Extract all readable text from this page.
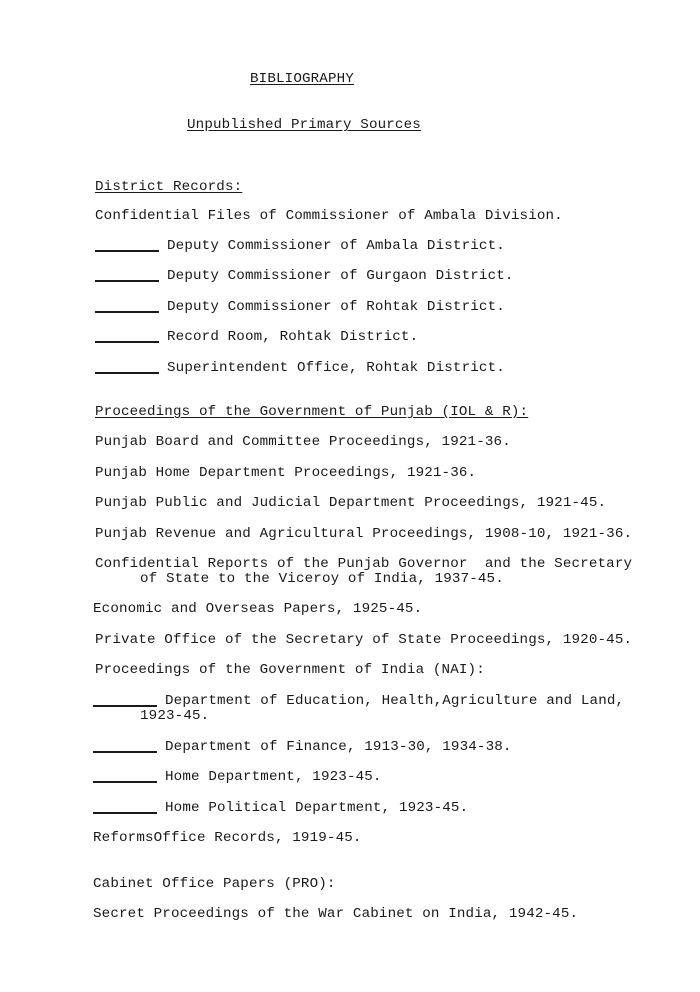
BIBLIOGRAPHY
Unpublished Primary Sources
District Records:
Confidential Files of Commissioner of Ambala Division.
Deputy Commissioner of Ambala District.
Deputy Commissioner of Gurgaon District.
Deputy Commissioner of Rohtak District.
Record Room, Rohtak District.
Superintendent Office, Rohtak District.
Proceedings of the Government of Punjab (IOL & R):
Punjab Board and Committee Proceedings, 1921-36.
Punjab Home Department Proceedings, 1921-36.
Punjab Public and Judicial Department Proceedings, 1921-45.
Punjab Revenue and Agricultural Proceedings, 1908-10, 1921-36.
Confidential Reports of the Punjab Governor  and the Secretary
of State to the Viceroy of India, 1937-45.
Economic and Overseas Papers, 1925-45.
Private Office of the Secretary of State Proceedings, 1920-45.
Proceedings of the Government of India (NAI):
Department of Education, Health,Agriculture and Land,
1923-45.
Department of Finance, 1913-30, 1934-38.
Home Department, 1923-45.
Home Political Department, 1923-45.
ReformsOffice Records, 1919-45.
Cabinet Office Papers (PRO):
Secret Proceedings of the War Cabinet on India, 1942-45.
